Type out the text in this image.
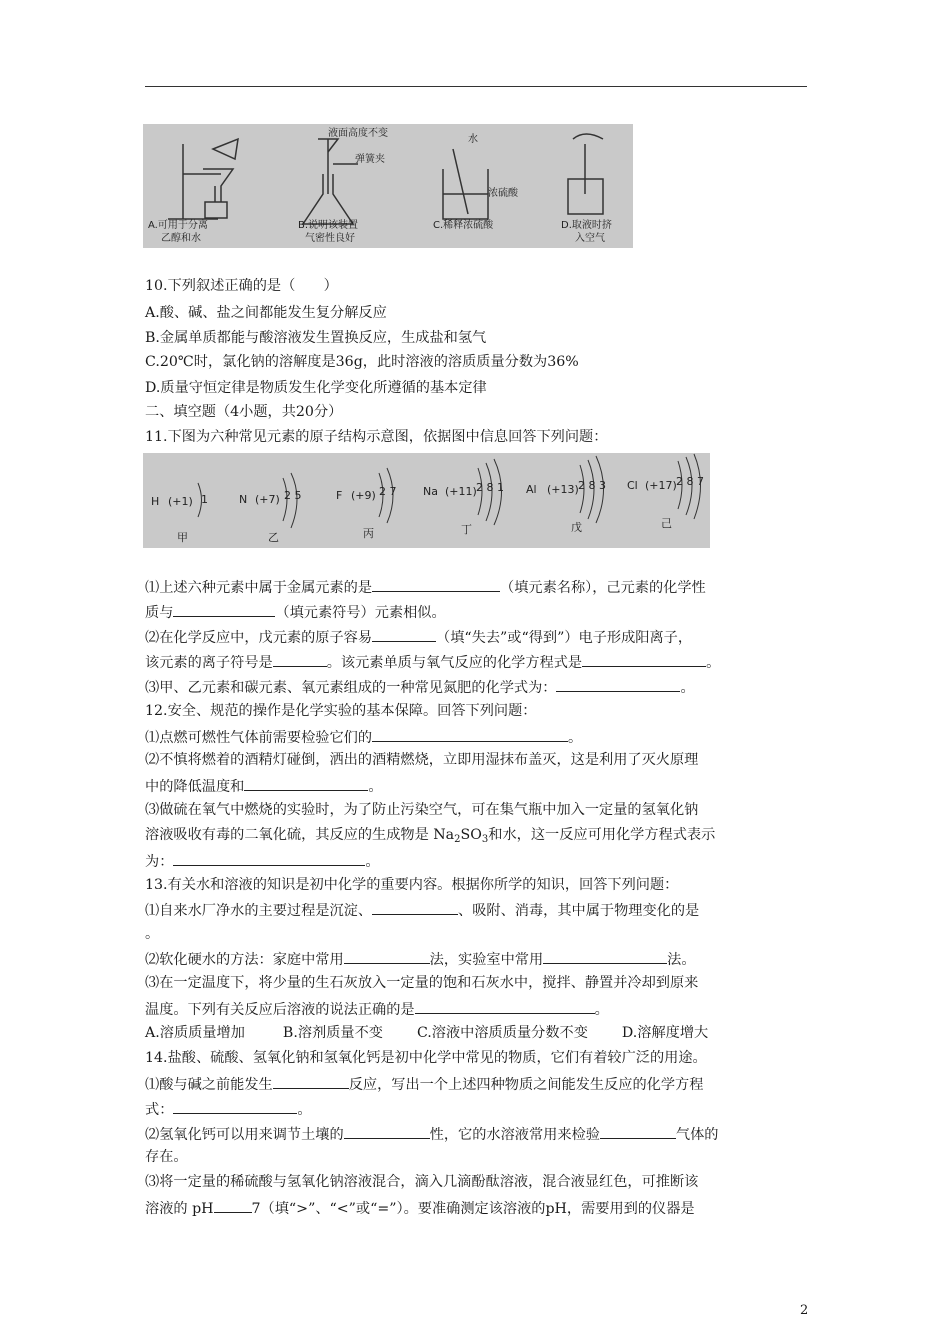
A.可用于分离
乙醇和水
液面高度不变
弹簧夹
B.说明该装置
气密性良好
水
浓硫酸
C.稀释浓硫酸	D.取液时挤
入空气
10.下列叙述正确的是（　　）
A.酸、碱、盐之间都能发生复分解反应
B.金属单质都能与酸溶液发生置换反应，生成盐和氢气
C.20℃时，氯化钠的溶解度是36g，此时溶液的溶质质量分数为36%
D.质量守恒定律是物质发生化学变化所遵循的基本定律
二、填空题（4小题，共20分）
11.下图为六种常见元素的原子结构示意图，依据图中信息回答下列问题：
H (+1) 1
甲
N (+7) 2 5
乙
F (+9) 2 7
丙
Na (+11) 2 8 1
丁
Al (+13) 2 8 3
戊
Cl (+17) 2 8 7
己
⑴上述六种元素中属于金属元素的是	（填元素名称），己元素的化学性
质与	（填元素符号）元素相似。
⑵在化学反应中，戊元素的原子容易	（填“失去”或“得到”）电子形成阳离子，
该元素的离子符号是	。该元素单质与氧气反应的化学方程式是	。
⑶甲、乙元素和碳元素、氧元素组成的一种常见氮肥的化学式为：	。
12.安全、规范的操作是化学实验的基本保障。回答下列问题：
⑴点燃可燃性气体前需要检验它们的	。
⑵不慎将燃着的酒精灯碰倒，洒出的酒精燃烧，立即用湿抹布盖灭，这是利用了灭火原理
中的降低温度和	。
⑶做硫在氧气中燃烧的实验时，为了防止污染空气，可在集气瓶中加入一定量的氢氧化钠
溶液吸收有毒的二氧化硫，其反应的生成物是 $Na_2SO_3$和水，这一反应可用化学方程式表示
为：	。
13.有关水和溶液的知识是初中化学的重要内容。根据你所学的知识，回答下列问题：
⑴自来水厂净水的主要过程是沉淀、	、吸附、消毒，其中属于物理变化的是
。
⑵软化硬水的方法：家庭中常用	法，实验室中常用	法。
⑶在一定温度下，将少量的生石灰放入一定量的饱和石灰水中，搅拌、静置并冷却到原来
温度。下列有关反应后溶液的说法正确的是	。
A.溶质质量增加	B.溶剂质量不变 C.溶液中溶质质量分数不变 D.溶解度增大
14.盐酸、硫酸、氢氧化钠和氢氧化钙是初中化学中常见的物质，它们有着较广泛的用途。
⑴酸与碱之前能发生	反应，写出一个上述四种物质之间能发生反应的化学方程
式：	。
⑵氢氧化钙可以用来调节土壤的	性，它的水溶液常用来检验	气体的
存在。
⑶将一定量的稀硫酸与氢氧化钠溶液混合，滴入几滴酚酞溶液，混合液显红色，可推断该
溶液的 pH	7（填“>”、“<”或“=”）。要准确测定该溶液的pH，需要用到的仪器是
2
